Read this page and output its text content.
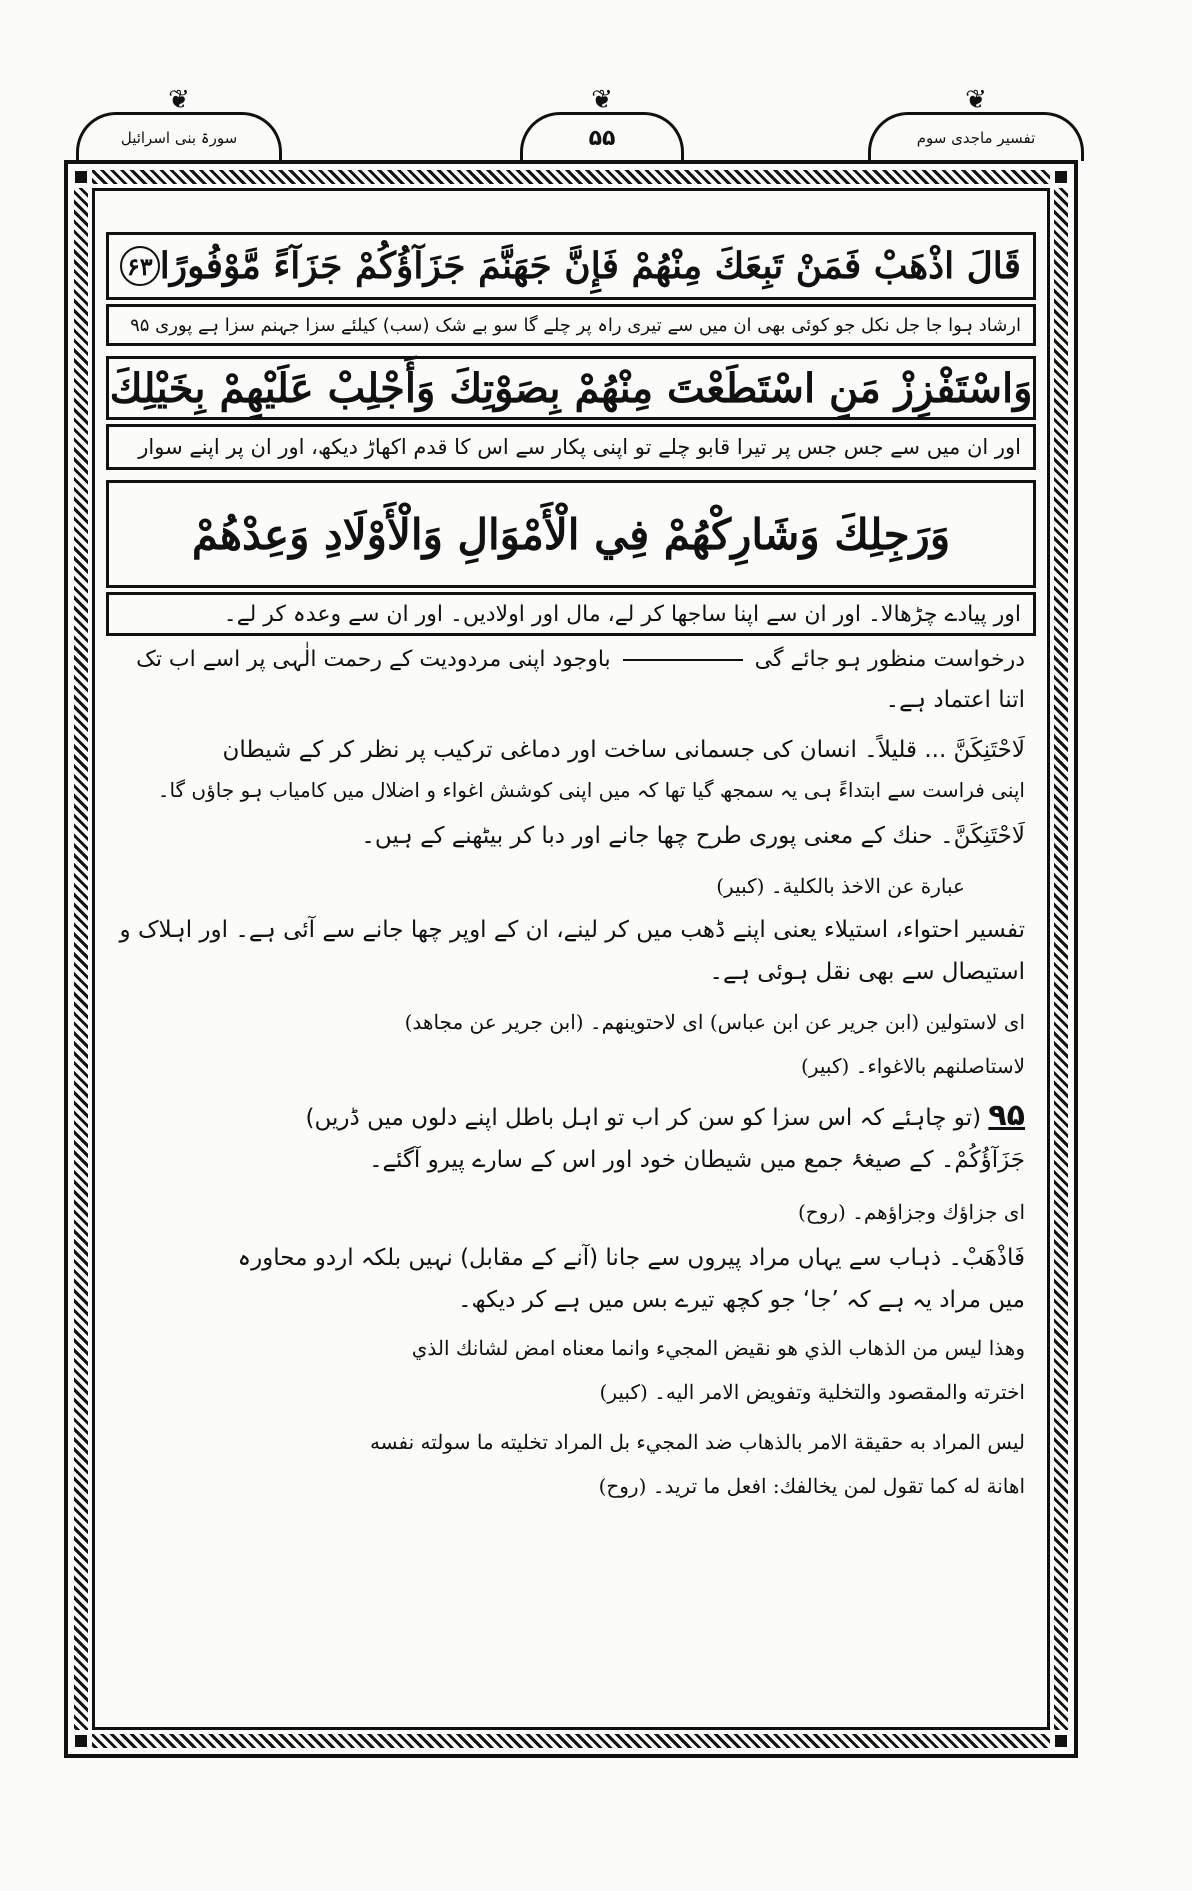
❦ سورۃ بنی اسرائیل	❦ ۵۵	❦ تفسیر ماجدی سوم
قَالَ اذْهَبْ فَمَنْ تَبِعَكَ مِنْهُمْ فَإِنَّ جَهَنَّمَ جَزَآؤُكُمْ جَزَآءً مَّوْفُورًا
۶۳
ارشاد ہوا جا جل نکل جو کوئی بھی ان میں سے تیری راہ پر چلے گا سو بے شک (سب) کیلئے سزا جہنم سزا ہے پوری ۹۵
وَاسْتَفْزِزْ مَنِ اسْتَطَعْتَ مِنْهُمْ بِصَوْتِكَ وَأَجْلِبْ عَلَيْهِمْ بِخَيْلِكَ
اور ان میں سے جس جس پر تیرا قابو چلے تو اپنی پکار سے اس کا قدم اکھاڑ دیکھ، اور ان پر اپنے سوار
وَرَجِلِكَ وَشَارِكْهُمْ فِي الْأَمْوَالِ وَالْأَوْلَادِ وَعِدْهُمْ
اور پیادے چڑھالا۔ اور ان سے اپنا ساجھا کر لے، مال اور اولادیں۔ اور ان سے وعدہ کر لے۔
درخواست منظور ہو جائے گیباوجود اپنی مردودیت کے رحمت الٰہی پر اسے اب تک
اتنا اعتماد ہے۔
لَاحْتَنِكَنَّ ... قلیلاً۔ انسان کی جسمانی ساخت اور دماغی ترکیب پر نظر کر کے شیطان
اپنی فراست سے ابتداءً ہی یہ سمجھ گیا تھا کہ میں اپنی کوشش اغواء و اضلال میں کامیاب ہو جاؤں گا۔
لَاحْتَنِكَنَّ۔ حنك کے معنی پوری طرح چھا جانے اور دبا کر بیٹھنے کے ہیں۔
عبارة عن الاخذ بالكلية۔ (كبير)
تفسیر احتواء، استیلاء یعنی اپنے ڈھب میں کر لینے، ان کے اوپر چھا جانے سے آئی ہے۔ اور اہلاک و
استیصال سے بھی نقل ہوئی ہے۔
ای لاستولین (ابن جریر عن ابن عباس) ای لاحتوینهم۔ (ابن جریر عن مجاهد)
لاستاصلنهم بالاغواء۔ (كبير)
۹۵ (تو چاہئے کہ اس سزا کو سن کر اب تو اہل باطل اپنے دلوں میں ڈریں)
جَزَآؤُكُمْ۔ کے صیغۂ جمع میں شیطان خود اور اس کے سارے پیرو آگئے۔
ای جزاؤك وجزاؤهم۔ (روح)
فَاذْهَبْ۔ ذہاب سے یہاں مراد پیروں سے جانا (آنے کے مقابل) نہیں بلکہ اردو محاورہ
میں مراد یہ ہے کہ ’جا‘ جو کچھ تیرے بس میں ہے کر دیکھ۔
وهذا ليس من الذهاب الذي هو نقيض المجيء وانما معناه امض لشانك الذي
اخترته والمقصود والتخلية وتفويض الامر اليه۔ (كبير)
ليس المراد به حقيقة الامر بالذهاب ضد المجيء بل المراد تخليته ما سولته نفسه
اهانة له كما تقول لمن يخالفك: افعل ما تريد۔ (روح)
